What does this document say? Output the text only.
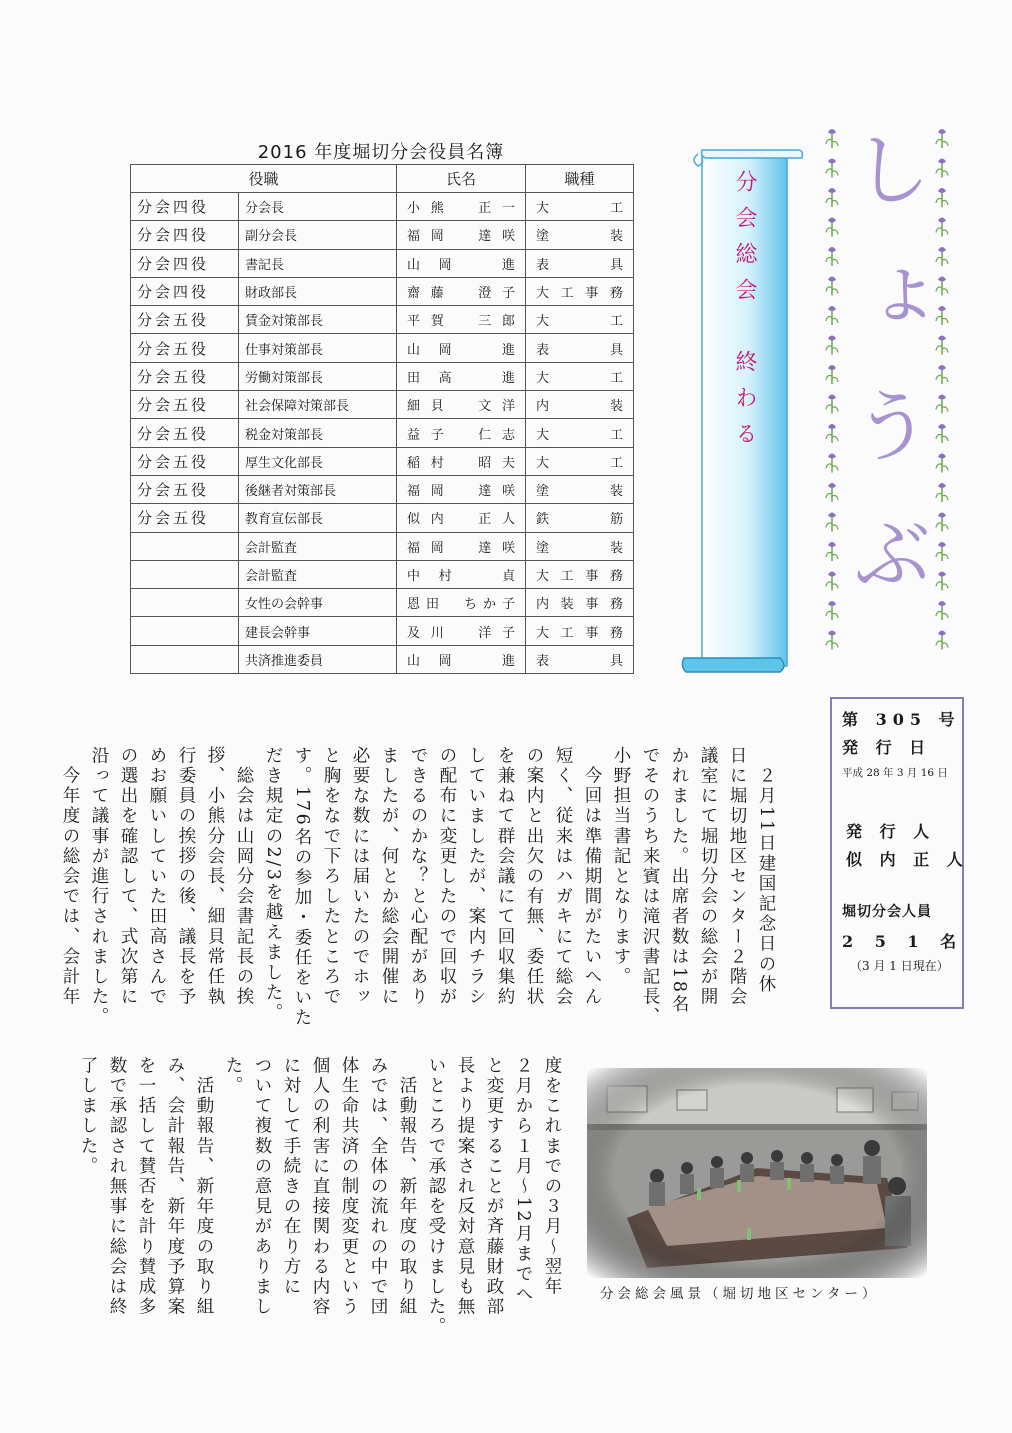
2016 年度堀切分会役員名簿
役職		氏名	職種
分会四役	分会長	小熊　正一	大工
分会四役	副分会長	福岡　達咲	塗装
分会四役	書記長	山岡　進	表具
分会四役	財政部長	齋藤　澄子	大工事務
分会五役	賃金対策部長	平賀　三郎	大工
分会五役	仕事対策部長	山岡　進	表具
分会五役	労働対策部長	田高　進	大工
分会五役	社会保障対策部長	細貝　文洋	内装
分会五役	税金対策部長	益子　仁志	大工
分会五役	厚生文化部長	稲村　昭夫	大工
分会五役	後継者対策部長	福岡　達咲	塗装
分会五役	教育宣伝部長	似内　正人	鉄筋
	会計監査	福岡　達咲	塗装
	会計監査	中村　貞	大工事務
	女性の会幹事	恩田　ちか子	内装事務
	建長会幹事	及川　洋子	大工事務
	共済推進委員	山岡　進	表具
分会総会　終わる しょうぶ
第 305 号
発 行 日
平成 28 年 3 月 16 日
発 行 人
似 内 正 人
堀切分会人員
2 5 1 名
（3 月 1 日現在）
　２月11日建国記念日の休
日に堀切地区センター２階会
議室にて堀切分会の総会が開
かれました。出席者数は18名
でそのうち来賓は滝沢書記長、
小野担当書記となります。
　今回は準備期間がたいへん
短く、従来はハガキにて総会
の案内と出欠の有無、委任状
を兼ねて群会議にて回収集約
していましたが、案内チラシ
の配布に変更したので回収が
できるのかな？と心配があり
ましたが、何とか総会開催に
必要な数には届いたのでホッ
と胸をなで下ろしたところで
す。176名の参加・委任をいた
だき規定の2/3を越えました。
　総会は山岡分会書記長の挨
拶、小熊分会長、細貝常任執
行委員の挨拶の後、議長を予
めお願いしていた田高さんで
の選出を確認して、式次第に
沿って議事が進行されました。
　今年度の総会では、会計年
度をこれまでの３月～翌年
２月から１月～12月までへ
と変更することが斉藤財政部
長より提案され反対意見も無
いところで承認を受けました。
　活動報告、新年度の取り組
みでは、全体の流れの中で団
体生命共済の制度変更という
個人の利害に直接関わる内容
に対して手続きの在り方に
ついて複数の意見がありまし
た。
　活動報告、新年度の取り組
み、会計報告、新年度予算案
を一括して賛否を計り賛成多
数で承認され無事に総会は終
了しました。
分会総会風景（堀切地区センター）
